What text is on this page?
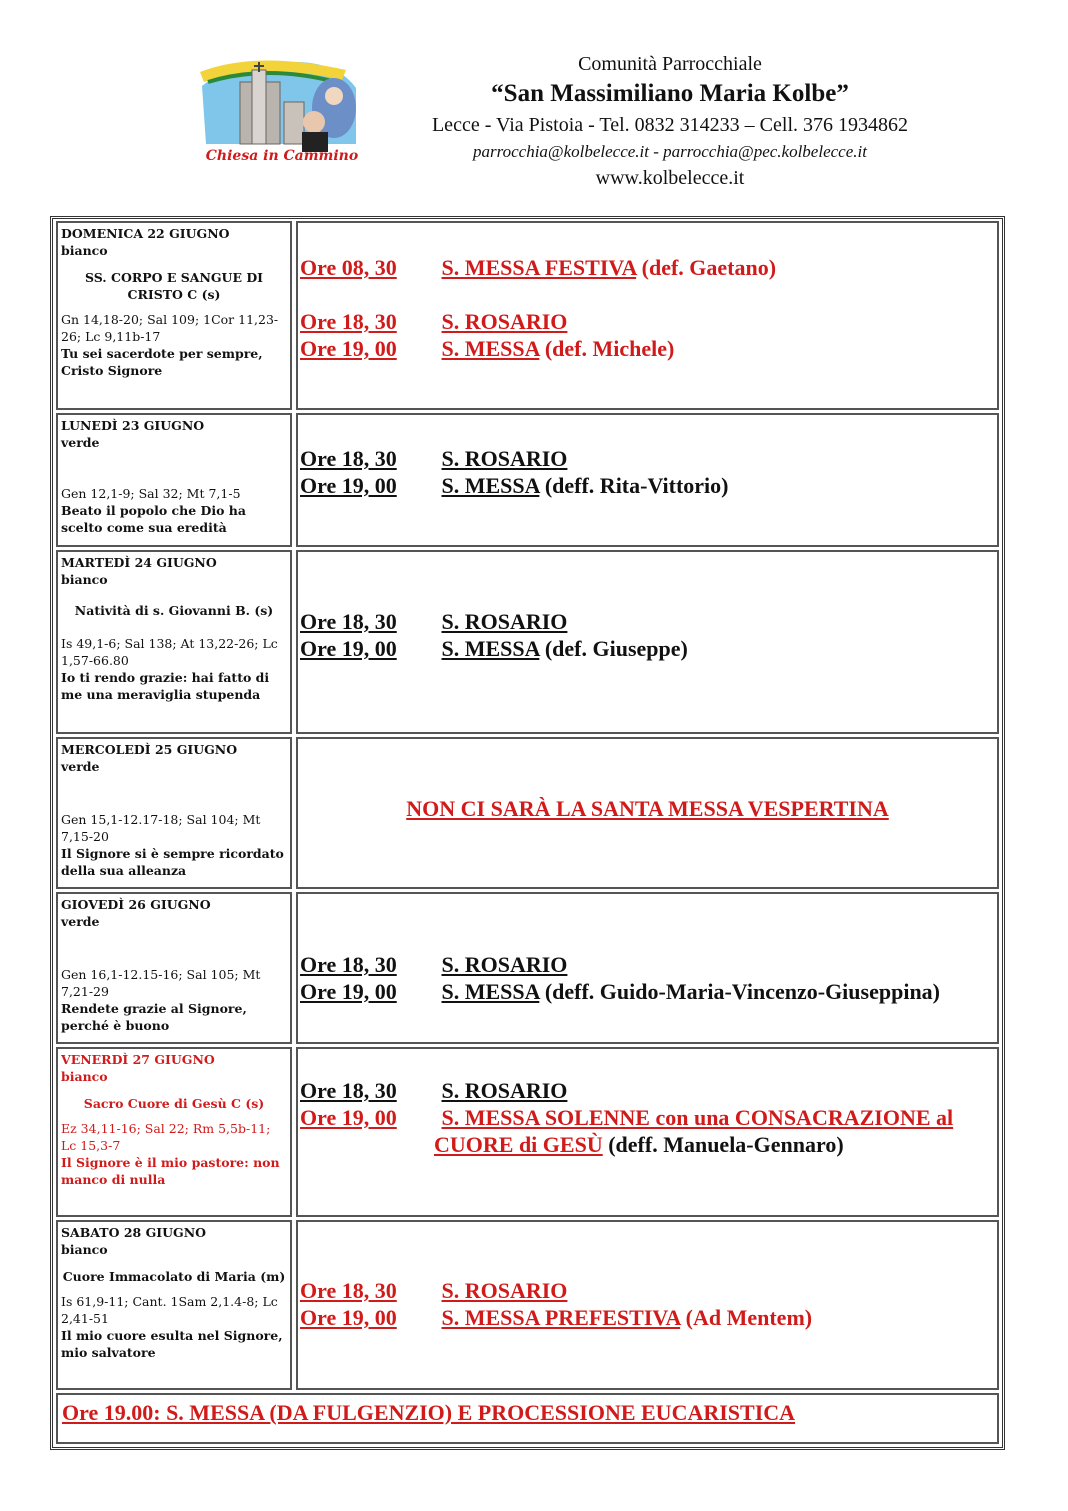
Chiesa in Cammino
Comunità Parrocchiale
“San Massimiliano Maria Kolbe”
Lecce - Via Pistoia - Tel. 0832 314233 – Cell. 376 1934862
parrocchia@kolbelecce.it - parrocchia@pec.kolbelecce.it
www.kolbelecce.it
DOMENICA 22 GIUGNO
bianco
SS. CORPO E SANGUE DI CRISTO C (s)
Gn 14,18-20; Sal 109; 1Cor 11,23-26; Lc 9,11b-17
Tu sei sacerdote per sempre, Cristo Signore
Ore 08, 30 S. MESSA FESTIVA (def. Gaetano)
Ore 18, 30 S. ROSARIO
Ore 19, 00 S. MESSA (def. Michele)
LUNEDÌ 23 GIUGNO
verde
Gen 12,1-9; Sal 32; Mt 7,1-5
Beato il popolo che Dio ha scelto come sua eredità
Ore 18, 30 S. ROSARIO
Ore 19, 00 S. MESSA (deff. Rita-Vittorio)
MARTEDÌ 24 GIUGNO
bianco
Natività di s. Giovanni B. (s)
Is 49,1-6; Sal 138; At 13,22-26; Lc 1,57-66.80
Io ti rendo grazie: hai fatto di me una meraviglia stupenda
Ore 18, 30 S. ROSARIO
Ore 19, 00 S. MESSA (def. Giuseppe)
MERCOLEDÌ 25 GIUGNO
verde
Gen 15,1-12.17-18; Sal 104; Mt 7,15-20
Il Signore si è sempre ricordato della sua alleanza
NON CI SARÀ LA SANTA MESSA VESPERTINA
GIOVEDÌ 26 GIUGNO
verde
Gen 16,1-12.15-16; Sal 105; Mt 7,21-29
Rendete grazie al Signore, perché è buono
Ore 18, 30 S. ROSARIO
Ore 19, 00 S. MESSA (deff. Guido-Maria-Vincenzo-Giuseppina)
VENERDÌ 27 GIUGNO
bianco
Sacro Cuore di Gesù C (s)
Ez 34,11-16; Sal 22; Rm 5,5b-11; Lc 15,3-7
Il Signore è il mio pastore: non manco di nulla
Ore 18, 30 S. ROSARIO
Ore 19, 00 S. MESSA SOLENNE con una CONSACRAZIONE al
CUORE di GESÙ (deff. Manuela-Gennaro)
SABATO 28 GIUGNO
bianco
Cuore Immacolato di Maria (m)
Is 61,9-11; Cant. 1Sam 2,1.4-8; Lc 2,41-51
Il mio cuore esulta nel Signore, mio salvatore
Ore 18, 30 S. ROSARIO
Ore 19, 00 S. MESSA PREFESTIVA (Ad Mentem)
Ore 19.00: S. MESSA (DA FULGENZIO) E PROCESSIONE EUCARISTICA
